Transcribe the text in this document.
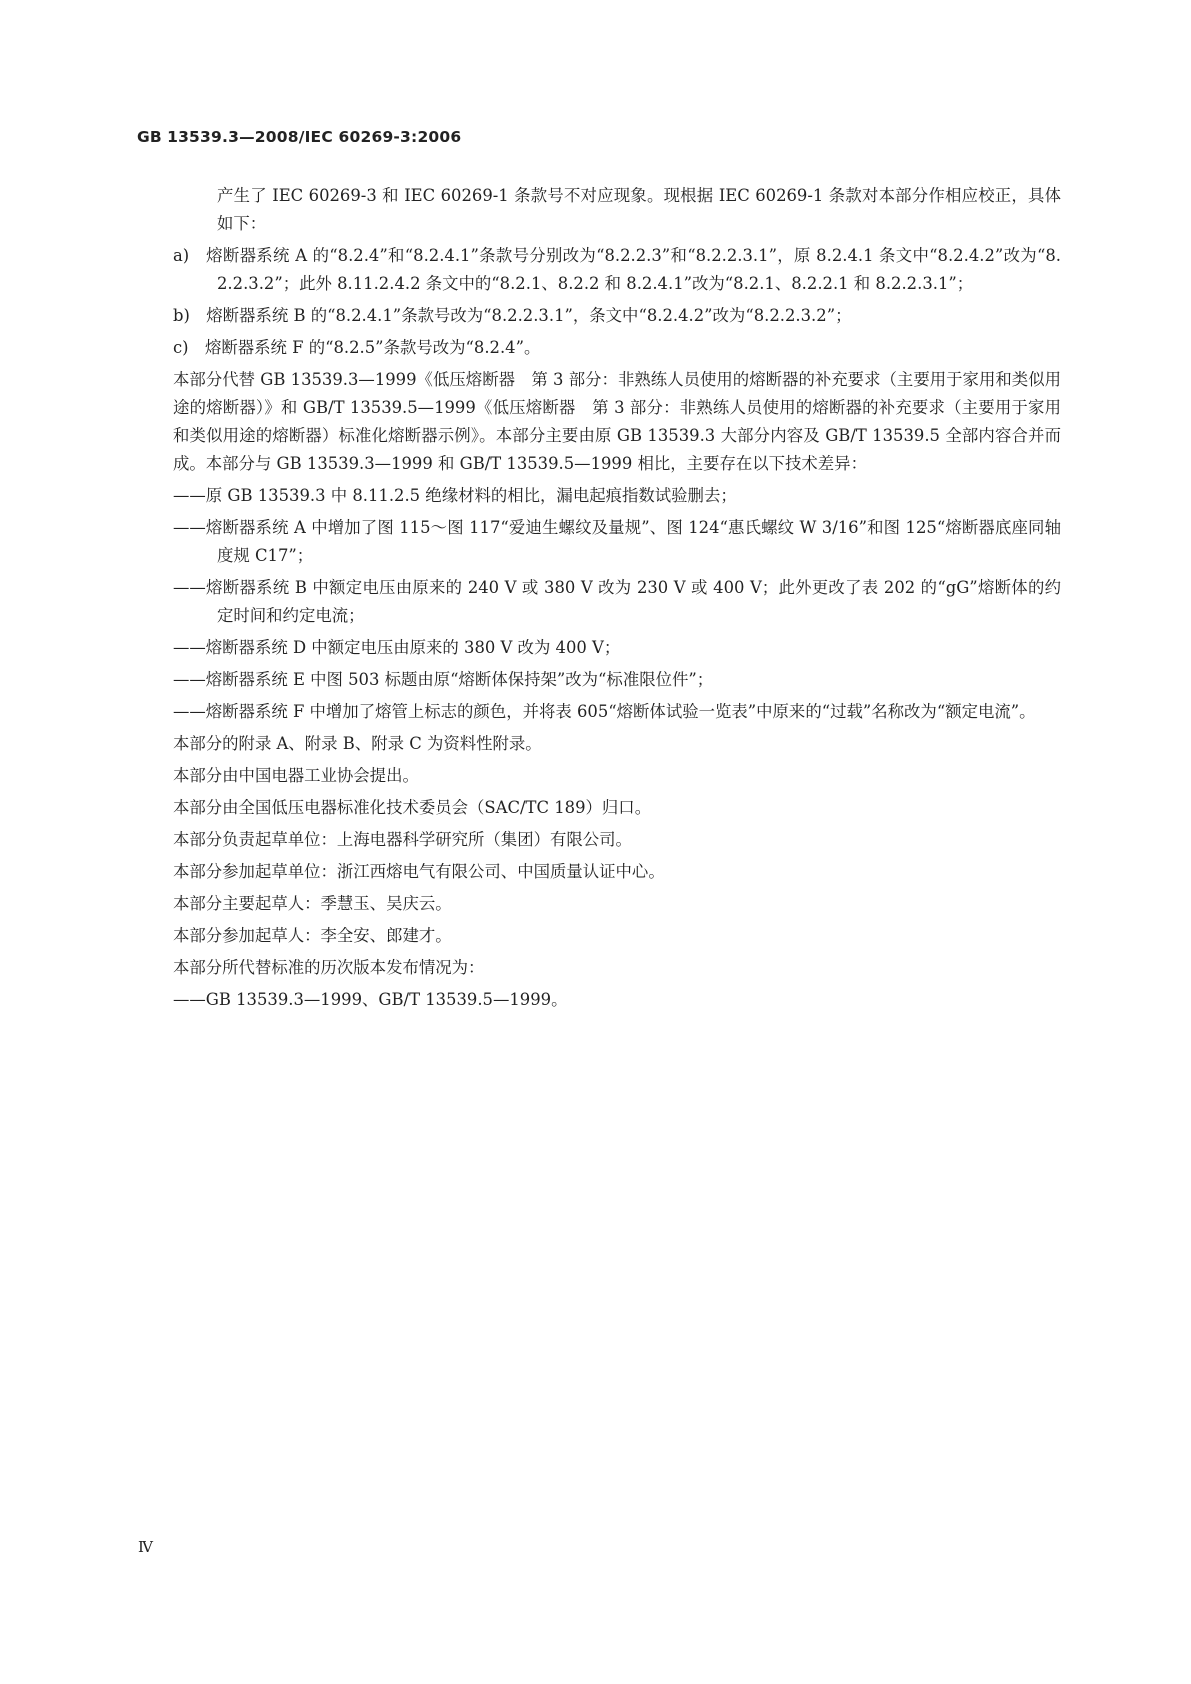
GB 13539.3—2008/IEC 60269-3:2006

产生了 IEC 60269-3 和 IEC 60269-1 条款号不对应现象。现根据 IEC 60269-1 条款对本部分作相应校正，具体如下：

a)　熔断器系统 A 的“8.2.4”和“8.2.4.1”条款号分别改为“8.2.2.3”和“8.2.2.3.1”，原 8.2.4.1 条文中“8.2.4.2”改为“8.2.2.3.2”；此外 8.11.2.4.2 条文中的“8.2.1、8.2.2 和 8.2.4.1”改为“8.2.1、8.2.2.1 和 8.2.2.3.1”；

b)　熔断器系统 B 的“8.2.4.1”条款号改为“8.2.2.3.1”，条文中“8.2.4.2”改为“8.2.2.3.2”；

c)　熔断器系统 F 的“8.2.5”条款号改为“8.2.4”。

本部分代替 GB 13539.3—1999《低压熔断器　第 3 部分：非熟练人员使用的熔断器的补充要求（主要用于家用和类似用途的熔断器）》和 GB/T 13539.5—1999《低压熔断器　第 3 部分：非熟练人员使用的熔断器的补充要求（主要用于家用和类似用途的熔断器）标准化熔断器示例》。本部分主要由原 GB 13539.3 大部分内容及 GB/T 13539.5 全部内容合并而成。本部分与 GB 13539.3—1999 和 GB/T 13539.5—1999 相比，主要存在以下技术差异：

——原 GB 13539.3 中 8.11.2.5 绝缘材料的相比，漏电起痕指数试验删去；

——熔断器系统 A 中增加了图 115～图 117“爱迪生螺纹及量规”、图 124“惠氏螺纹 W 3/16”和图 125“熔断器底座同轴度规 C17”；

——熔断器系统 B 中额定电压由原来的 240 V 或 380 V 改为 230 V 或 400 V；此外更改了表 202 的“gG”熔断体的约定时间和约定电流；

——熔断器系统 D 中额定电压由原来的 380 V 改为 400 V；

——熔断器系统 E 中图 503 标题由原“熔断体保持架”改为“标准限位件”；

——熔断器系统 F 中增加了熔管上标志的颜色，并将表 605“熔断体试验一览表”中原来的“过载”名称改为“额定电流”。

本部分的附录 A、附录 B、附录 C 为资料性附录。

本部分由中国电器工业协会提出。

本部分由全国低压电器标准化技术委员会（SAC/TC 189）归口。

本部分负责起草单位：上海电器科学研究所（集团）有限公司。

本部分参加起草单位：浙江西熔电气有限公司、中国质量认证中心。

本部分主要起草人：季慧玉、吴庆云。

本部分参加起草人：李全安、郎建才。

本部分所代替标准的历次版本发布情况为：

——GB 13539.3—1999、GB/T 13539.5—1999。

Ⅳ
